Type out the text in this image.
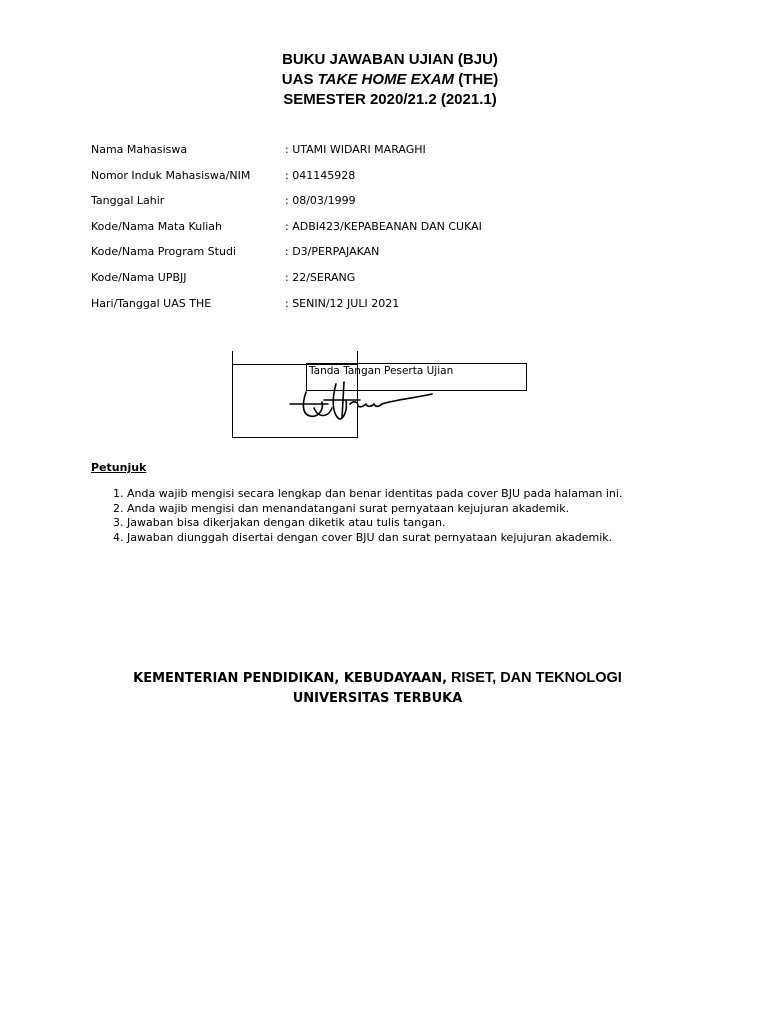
BUKU JAWABAN UJIAN (BJU)
UAS TAKE HOME EXAM (THE)
SEMESTER 2020/21.2 (2021.1)
Nama Mahasiswa	: UTAMI WIDARI MARAGHI
Nomor Induk Mahasiswa/NIM	: 041145928
Tanggal Lahir	: 08/03/1999
Kode/Nama Mata Kuliah	: ADBI423/KEPABEANAN DAN CUKAI
Kode/Nama Program Studi	: D3/PERPAJAKAN
Kode/Nama UPBJJ	: 22/SERANG
Hari/Tanggal UAS THE	: SENIN/12 JULI 2021
Tanda Tangan Peserta Ujian
Petunjuk
1. Anda wajib mengisi secara lengkap dan benar identitas pada cover BJU pada halaman ini.
2. Anda wajib mengisi dan menandatangani surat pernyataan kejujuran akademik.
3. Jawaban bisa dikerjakan dengan diketik atau tulis tangan.
4. Jawaban diunggah disertai dengan cover BJU dan surat pernyataan kejujuran akademik.
KEMENTERIAN PENDIDIKAN, KEBUDAYAAN, RISET, DAN TEKNOLOGI
UNIVERSITAS TERBUKA
